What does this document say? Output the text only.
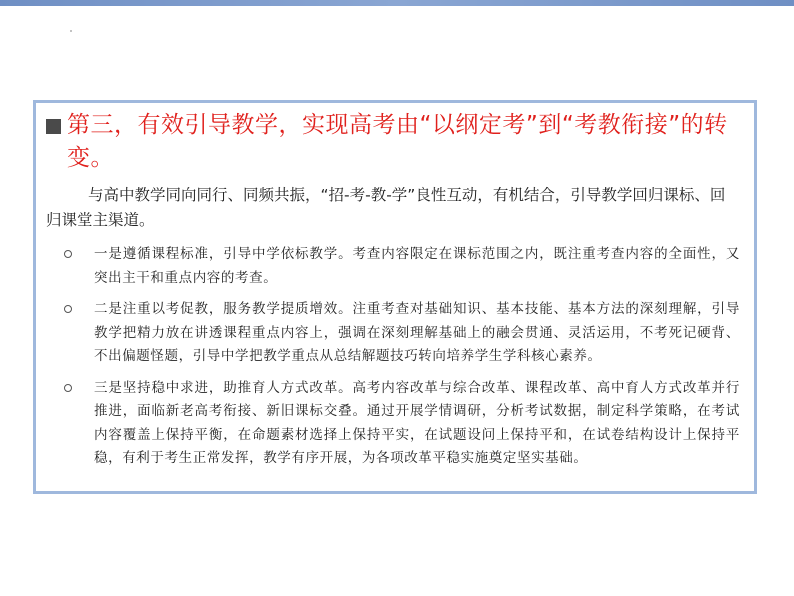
第三，有效引导教学，实现高考由“以纲定考”到“考教衔接”的转变。

与高中教学同向同行、同频共振，“招-考-教-学”良性互动，有机结合，引导教学回归课标、回归课堂主渠道。

一是遵循课程标准，引导中学依标教学。考查内容限定在课标范围之内，既注重考查内容的全面性，又突出主干和重点内容的考查。
二是注重以考促教，服务教学提质增效。注重考查对基础知识、基本技能、基本方法的深刻理解，引导教学把精力放在讲透课程重点内容上，强调在深刻理解基础上的融会贯通、灵活运用，不考死记硬背、不出偏题怪题，引导中学把教学重点从总结解题技巧转向培养学生学科核心素养。
三是坚持稳中求进，助推育人方式改革。高考内容改革与综合改革、课程改革、高中育人方式改革并行推进，面临新老高考衔接、新旧课标交叠。通过开展学情调研，分析考试数据，制定科学策略，在考试内容覆盖上保持平衡，在命题素材选择上保持平实，在试题设问上保持平和，在试卷结构设计上保持平稳，有利于考生正常发挥，教学有序开展，为各项改革平稳实施奠定坚实基础。
